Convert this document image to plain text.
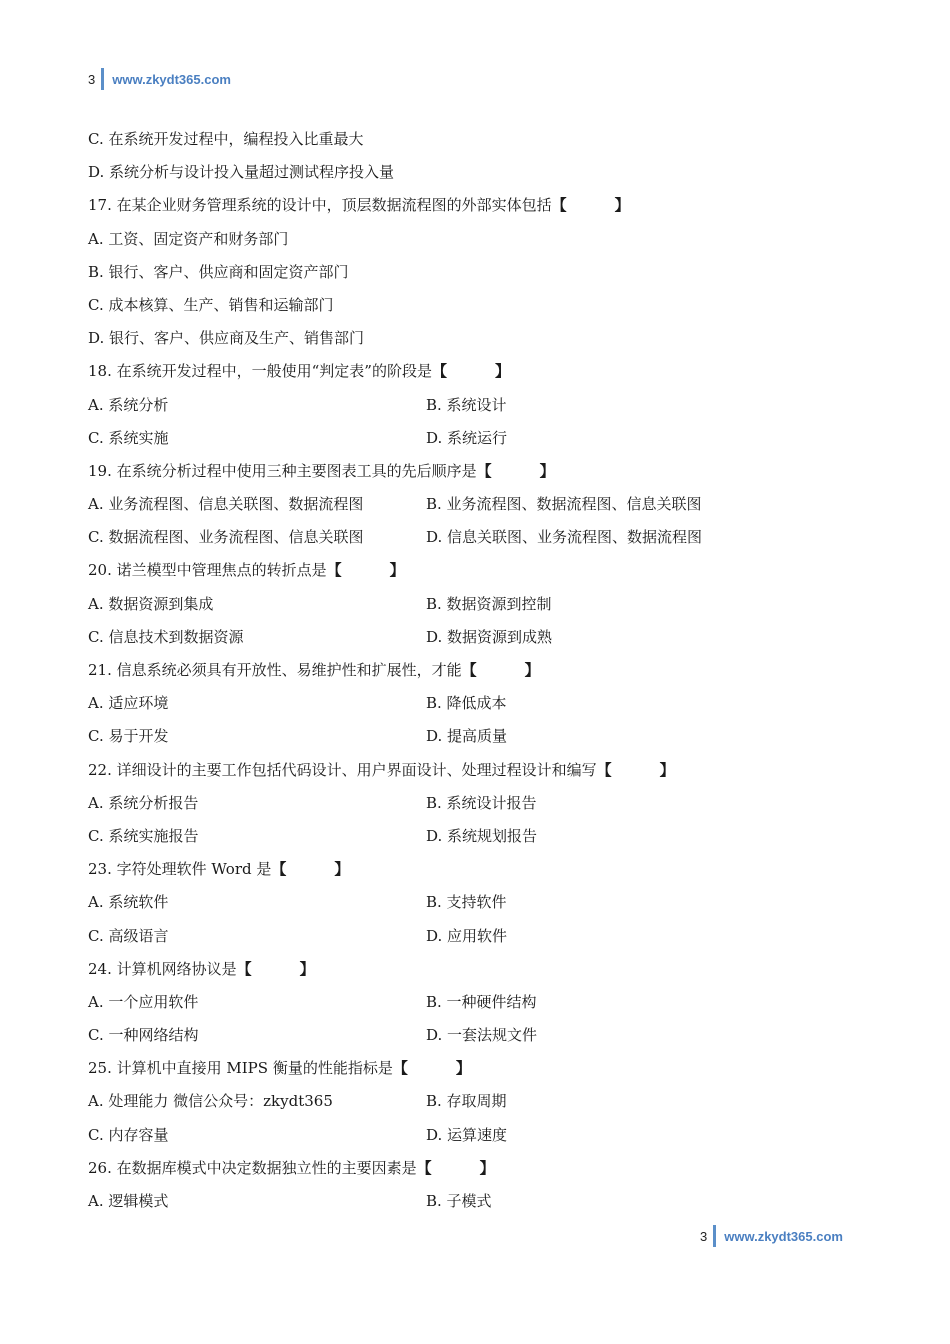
3 www.zkydt365.com
C. 在系统开发过程中，编程投入比重最大
D. 系统分析与设计投入量超过测试程序投入量
17. 在某企业财务管理系统的设计中，顶层数据流程图的外部实体包括【	】
A. 工资、固定资产和财务部门
B. 银行、客户、供应商和固定资产部门
C. 成本核算、生产、销售和运输部门
D. 银行、客户、供应商及生产、销售部门
18. 在系统开发过程中，一般使用“判定表”的阶段是【	】
A. 系统分析	B. 系统设计
C. 系统实施	D. 系统运行
19. 在系统分析过程中使用三种主要图表工具的先后顺序是【	】
A. 业务流程图、信息关联图、数据流程图	B. 业务流程图、数据流程图、信息关联图
C. 数据流程图、业务流程图、信息关联图	D. 信息关联图、业务流程图、数据流程图
20. 诺兰模型中管理焦点的转折点是【	】
A. 数据资源到集成	B. 数据资源到控制
C. 信息技术到数据资源	D. 数据资源到成熟
21. 信息系统必须具有开放性、易维护性和扩展性，才能【	】
A. 适应环境	B. 降低成本
C. 易于开发	D. 提高质量
22. 详细设计的主要工作包括代码设计、用户界面设计、处理过程设计和编写【	】
A. 系统分析报告	B. 系统设计报告
C. 系统实施报告	D. 系统规划报告
23. 字符处理软件 Word 是【	】
A. 系统软件	B. 支持软件
C. 高级语言	D. 应用软件
24. 计算机网络协议是【	】
A. 一个应用软件	B. 一种硬件结构
C. 一种网络结构	D. 一套法规文件
25. 计算机中直接用 MIPS 衡量的性能指标是【	】
A. 处理能力 微信公众号：zkydt365	B. 存取周期
C. 内存容量	D. 运算速度
26. 在数据库模式中决定数据独立性的主要因素是【	】
A. 逻辑模式	B. 子模式
3 www.zkydt365.com
